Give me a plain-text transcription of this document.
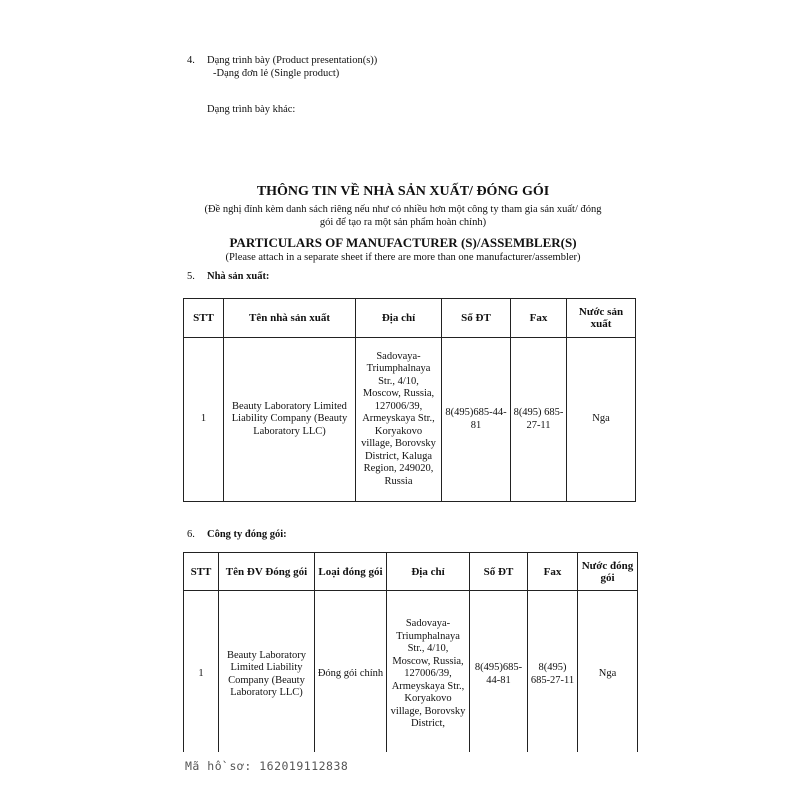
4. Dạng trình bày (Product presentation(s))
-Dạng đơn lẻ (Single product)
Dạng trình bày khác:
THÔNG TIN VỀ NHÀ SẢN XUẤT/ ĐÓNG GÓI
(Đề nghị đính kèm danh sách riêng nếu như có nhiều hơn một công ty tham gia sản xuất/ đóng
gói để tạo ra một sản phẩm hoàn chỉnh)
PARTICULARS OF MANUFACTURER (S)/ASSEMBLER(S)
(Please attach in a separate sheet if there are more than one manufacturer/assembler)
5. Nhà sản xuất:
STT	Tên nhà sản xuất	Địa chỉ	Số ĐT	Fax	Nước sản xuất
1	Beauty Laboratory Limited Liability Company (Beauty Laboratory LLC)	Sadovaya-Triumphalnaya Str., 4/10, Moscow, Russia, 127006/39, Armeyskaya Str., Koryakovo village, Borovsky District, Kaluga Region, 249020, Russia	8(495)685-44-81	8(495) 685-27-11	Nga
6. Công ty đóng gói:
STT	Tên ĐV Đóng gói	Loại đóng gói	Địa chỉ	Số ĐT	Fax	Nước đóng gói
1	Beauty Laboratory Limited Liability Company (Beauty Laboratory LLC)	Đóng gói chính	Sadovaya-Triumphalnaya Str., 4/10, Moscow, Russia, 127006/39, Armeyskaya Str., Koryakovo village, Borovsky District,	8(495)685-44-81	8(495) 685-27-11	Nga
Mã hồ sơ: 162019112838
